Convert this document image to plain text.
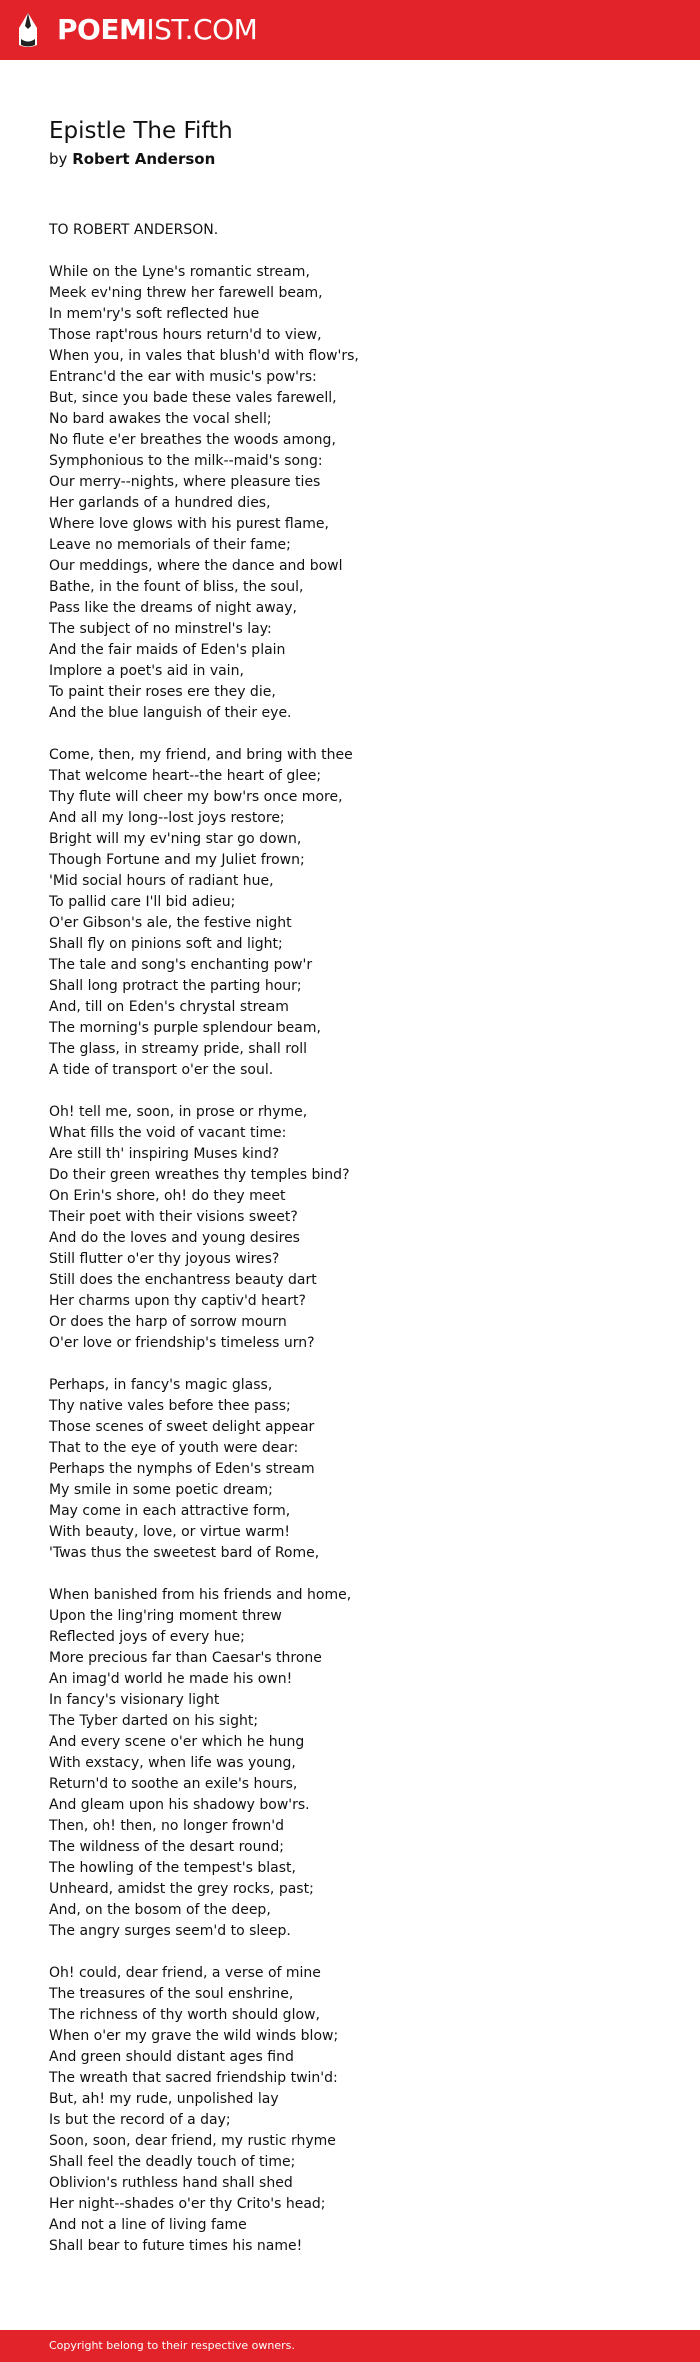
POEMIST.COM
Epistle The Fifth
by Robert Anderson
TO ROBERT ANDERSON.
While on the Lyne's romantic stream,
Meek ev'ning threw her farewell beam,
In mem'ry's soft reflected hue
Those rapt'rous hours return'd to view,
When you, in vales that blush'd with flow'rs,
Entranc'd the ear with music's pow'rs:
But, since you bade these vales farewell,
No bard awakes the vocal shell;
No flute e'er breathes the woods among,
Symphonious to the milk--maid's song:
Our merry--nights, where pleasure ties
Her garlands of a hundred dies,
Where love glows with his purest flame,
Leave no memorials of their fame;
Our meddings, where the dance and bowl
Bathe, in the fount of bliss, the soul,
Pass like the dreams of night away,
The subject of no minstrel's lay:
And the fair maids of Eden's plain
Implore a poet's aid in vain,
To paint their roses ere they die,
And the blue languish of their eye.
Come, then, my friend, and bring with thee
That welcome heart--the heart of glee;
Thy flute will cheer my bow'rs once more,
And all my long--lost joys restore;
Bright will my ev'ning star go down,
Though Fortune and my Juliet frown;
'Mid social hours of radiant hue,
To pallid care I'll bid adieu;
O'er Gibson's ale, the festive night
Shall fly on pinions soft and light;
The tale and song's enchanting pow'r
Shall long protract the parting hour;
And, till on Eden's chrystal stream
The morning's purple splendour beam,
The glass, in streamy pride, shall roll
A tide of transport o'er the soul.
Oh! tell me, soon, in prose or rhyme,
What fills the void of vacant time:
Are still th' inspiring Muses kind?
Do their green wreathes thy temples bind?
On Erin's shore, oh! do they meet
Their poet with their visions sweet?
And do the loves and young desires
Still flutter o'er thy joyous wires?
Still does the enchantress beauty dart
Her charms upon thy captiv'd heart?
Or does the harp of sorrow mourn
O'er love or friendship's timeless urn?
Perhaps, in fancy's magic glass,
Thy native vales before thee pass;
Those scenes of sweet delight appear
That to the eye of youth were dear:
Perhaps the nymphs of Eden's stream
My smile in some poetic dream;
May come in each attractive form,
With beauty, love, or virtue warm!
'Twas thus the sweetest bard of Rome,
When banished from his friends and home,
Upon the ling'ring moment threw
Reflected joys of every hue;
More precious far than Caesar's throne
An imag'd world he made his own!
In fancy's visionary light
The Tyber darted on his sight;
And every scene o'er which he hung
With exstacy, when life was young,
Return'd to soothe an exile's hours,
And gleam upon his shadowy bow'rs.
Then, oh! then, no longer frown'd
The wildness of the desart round;
The howling of the tempest's blast,
Unheard, amidst the grey rocks, past;
And, on the bosom of the deep,
The angry surges seem'd to sleep.
Oh! could, dear friend, a verse of mine
The treasures of the soul enshrine,
The richness of thy worth should glow,
When o'er my grave the wild winds blow;
And green should distant ages find
The wreath that sacred friendship twin'd:
But, ah! my rude, unpolished lay
Is but the record of a day;
Soon, soon, dear friend, my rustic rhyme
Shall feel the deadly touch of time;
Oblivion's ruthless hand shall shed
Her night--shades o'er thy Crito's head;
And not a line of living fame
Shall bear to future times his name!
Copyright belong to their respective owners.
